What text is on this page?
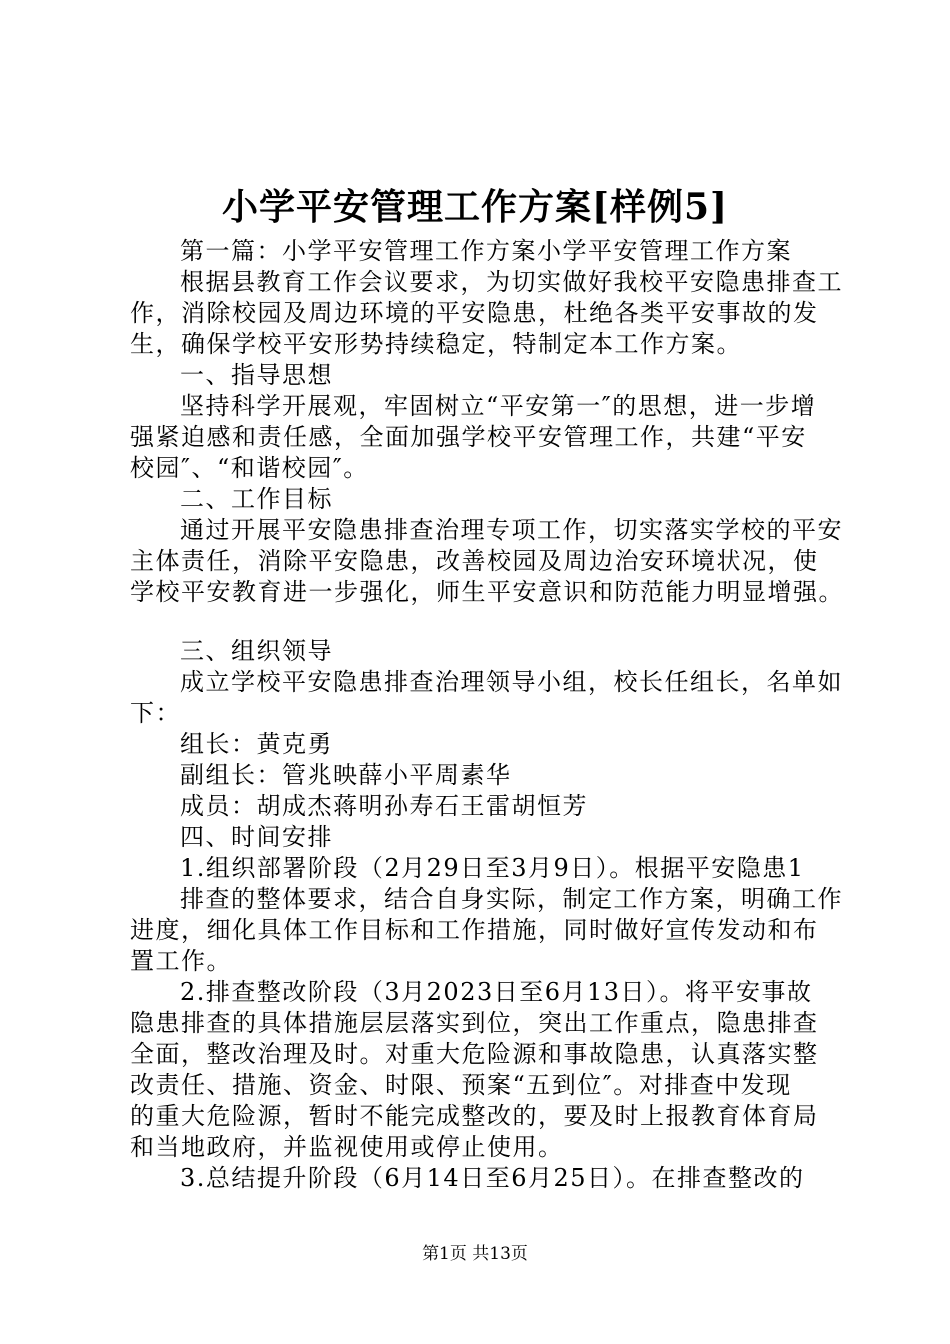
小学平安管理工作方案[样例5]
第一篇：小学平安管理工作方案小学平安管理工作方案
根据县教育工作会议要求，为切实做好我校平安隐患排查工
作，消除校园及周边环境的平安隐患，杜绝各类平安事故的发
生，确保学校平安形势持续稳定，特制定本工作方案。
一、指导思想
坚持科学开展观，牢固树立“平安第一″的思想，进一步增
强紧迫感和责任感，全面加强学校平安管理工作，共建“平安
校园″、“和谐校园″。
二、工作目标
通过开展平安隐患排查治理专项工作，切实落实学校的平安
主体责任，消除平安隐患，改善校园及周边治安环境状况，使
学校平安教育进一步强化，师生平安意识和防范能力明显增强。
三、组织领导
成立学校平安隐患排查治理领导小组，校长任组长，名单如
下：
组长：黄克勇
副组长：管兆映薛小平周素华
成员：胡成杰蒋明孙寿石王雷胡恒芳
四、时间安排
1.组织部署阶段（2月29日至3月9日）。根据平安隐患1
排查的整体要求，结合自身实际，制定工作方案，明确工作
进度，细化具体工作目标和工作措施，同时做好宣传发动和布
置工作。
2.排查整改阶段（3月2023日至6月13日）。将平安事故
隐患排查的具体措施层层落实到位，突出工作重点，隐患排查
全面，整改治理及时。对重大危险源和事故隐患，认真落实整
改责任、措施、资金、时限、预案“五到位″。对排查中发现
的重大危险源，暂时不能完成整改的，要及时上报教育体育局
和当地政府，并监视使用或停止使用。
3.总结提升阶段（6月14日至6月25日）。在排查整改的
第1页 共13页
